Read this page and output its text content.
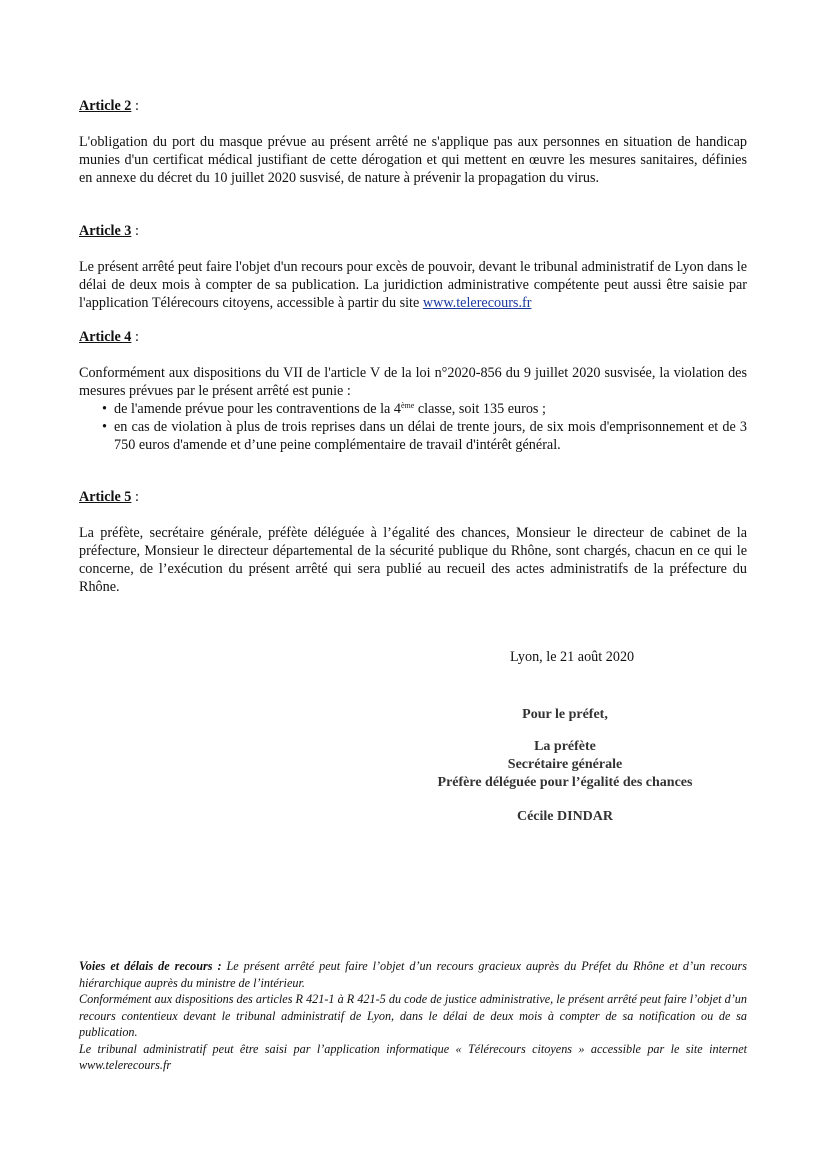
Article 2 :

L'obligation du port du masque prévue au présent arrêté ne s'applique pas aux personnes en situation de handicap munies d'un certificat médical justifiant de cette dérogation et qui mettent en œuvre les mesures sanitaires, définies en annexe du décret du 10 juillet 2020 susvisé, de nature à prévenir la propagation du virus.

Article 3 :

Le présent arrêté peut faire l'objet d'un recours pour excès de pouvoir, devant le tribunal administratif de Lyon dans le délai de deux mois à compter de sa publication. La juridiction administrative compétente peut aussi être saisie par l'application Télérecours citoyens, accessible à partir du site www.telerecours.fr

Article 4 :

Conformément aux dispositions du VII de l'article V de la loi n°2020-856 du 9 juillet 2020 susvisée, la violation des mesures prévues par le présent arrêté est punie :
• de l'amende prévue pour les contraventions de la 4ème classe, soit 135 euros ;
• en cas de violation à plus de trois reprises dans un délai de trente jours, de six mois d'emprisonnement et de 3 750 euros d'amende et d’une peine complémentaire de travail d'intérêt général.

Article 5 :

La préfète, secrétaire générale, préfète déléguée à l’égalité des chances, Monsieur le directeur de cabinet de la préfecture, Monsieur le directeur départemental de la sécurité publique du Rhône, sont chargés, chacun en ce qui le concerne, de l’exécution du présent arrêté qui sera publié au recueil des actes administratifs de la préfecture du Rhône.

Lyon, le 21 août 2020
Pour le préfet,
La préfète
Secrétaire générale
Préfère déléguée pour l’égalité des chances
Cécile DINDAR
Voies et délais de recours : Le présent arrêté peut faire l’objet d’un recours gracieux auprès du Préfet du Rhône et d’un recours hiérarchique auprès du ministre de l’intérieur.
Conformément aux dispositions des articles R 421-1 à R 421-5 du code de justice administrative, le présent arrêté peut faire l’objet d’un recours contentieux devant le tribunal administratif de Lyon, dans le délai de deux mois à compter de sa notification ou de sa publication.
Le tribunal administratif peut être saisi par l’application informatique « Télérecours citoyens » accessible par le site internet www.telerecours.fr
